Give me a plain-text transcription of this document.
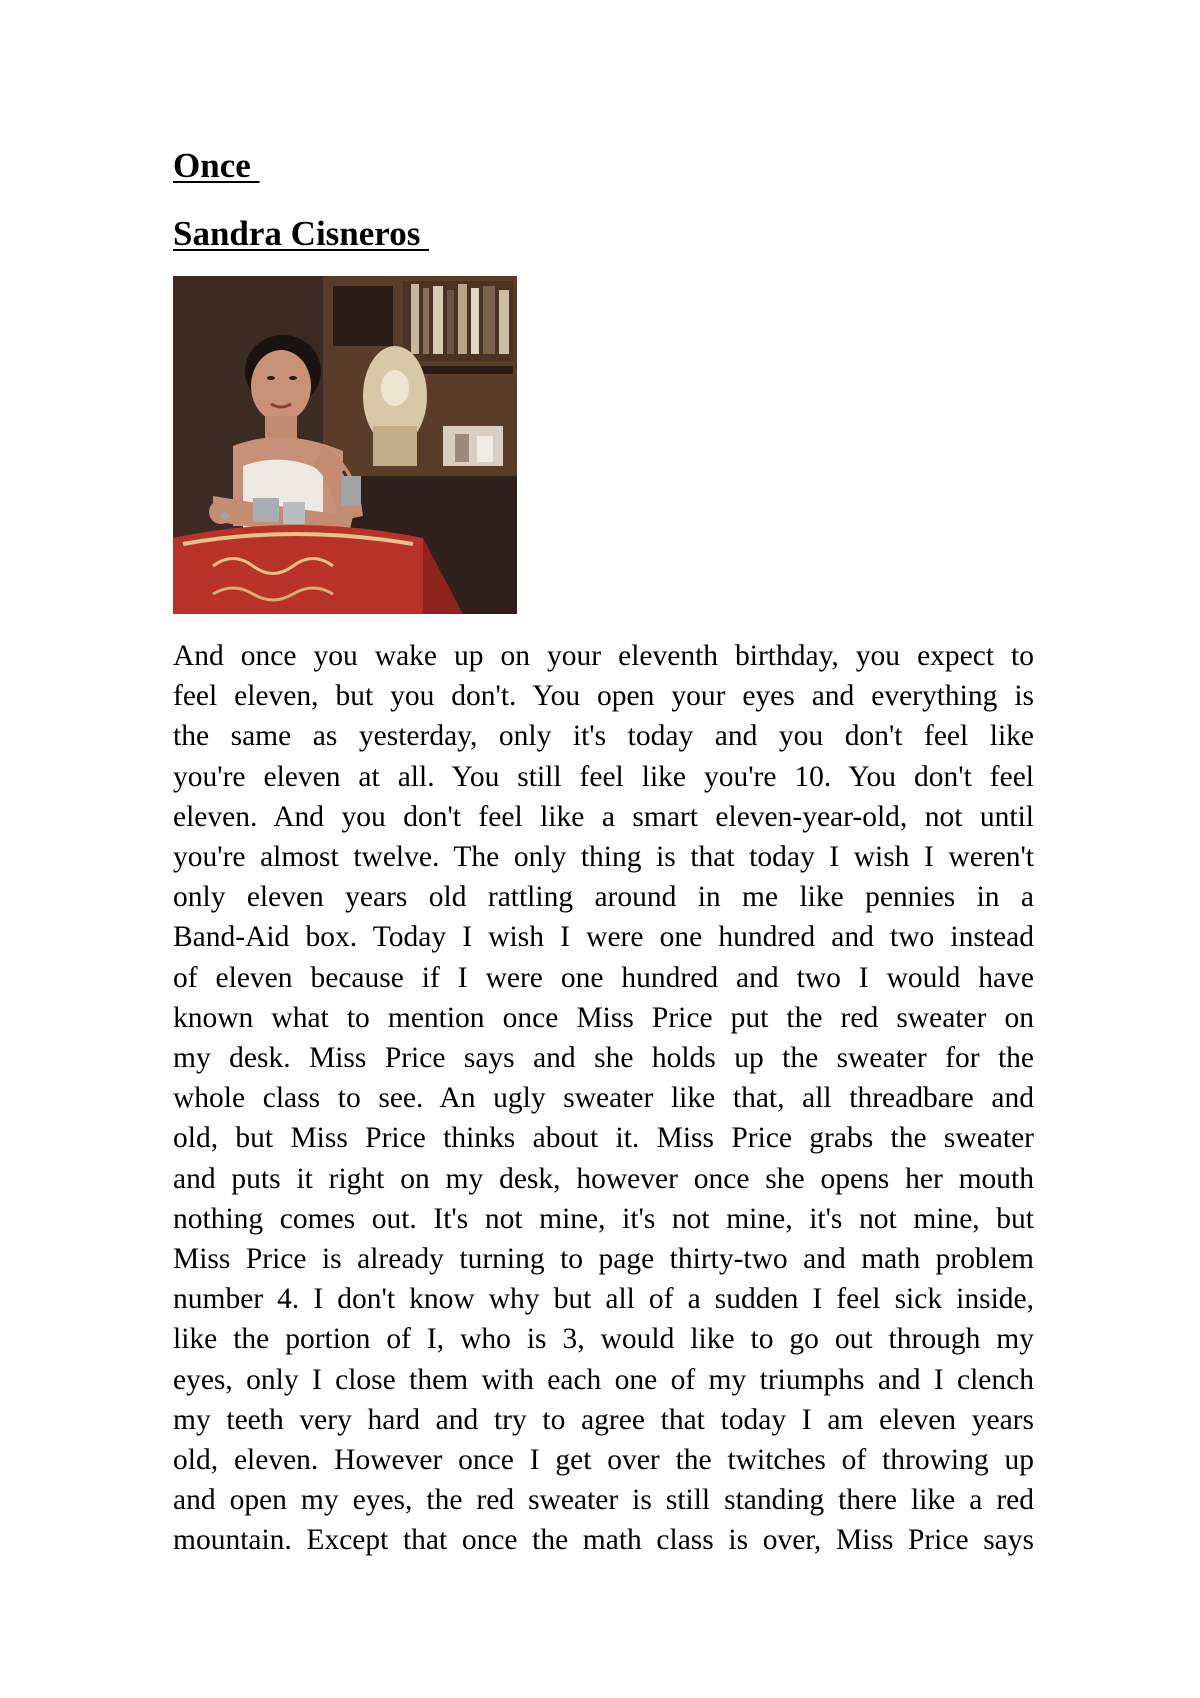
Once
Sandra Cisneros
And once you wake up on your eleventh birthday, you expect to
feel eleven, but you don't. You open your eyes and everything is
the same as yesterday, only it's today and you don't feel like
you're eleven at all. You still feel like you're 10. You don't feel
eleven. And you don't feel like a smart eleven-year-old, not until
you're almost twelve. The only thing is that today I wish I weren't
only eleven years old rattling around in me like pennies in a
Band-Aid box. Today I wish I were one hundred and two instead
of eleven because if I were one hundred and two I would have
known what to mention once Miss Price put the red sweater on
my desk. Miss Price says and she holds up the sweater for the
whole class to see. An ugly sweater like that, all threadbare and
old, but Miss Price thinks about it. Miss Price grabs the sweater
and puts it right on my desk, however once she opens her mouth
nothing comes out. It's not mine, it's not mine, it's not mine, but
Miss Price is already turning to page thirty-two and math problem
number 4. I don't know why but all of a sudden I feel sick inside,
like the portion of I, who is 3, would like to go out through my
eyes, only I close them with each one of my triumphs and I clench
my teeth very hard and try to agree that today I am eleven years
old, eleven. However once I get over the twitches of throwing up
and open my eyes, the red sweater is still standing there like a red
mountain. Except that once the math class is over, Miss Price says
